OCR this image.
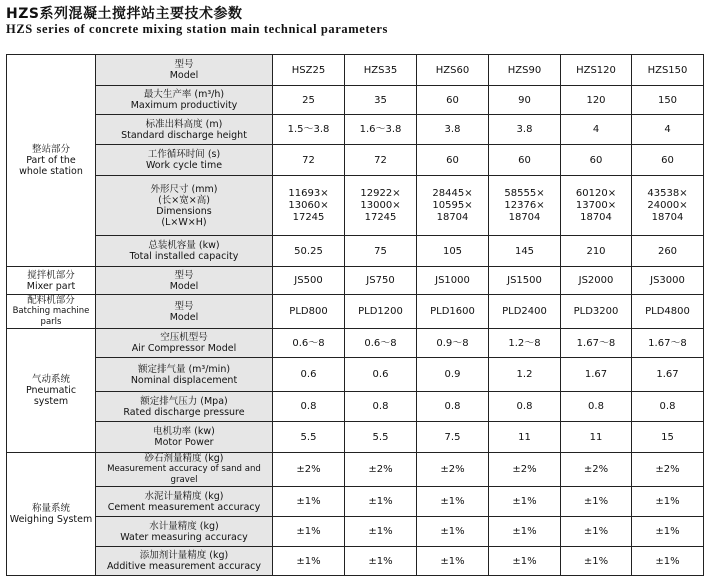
HZS系列混凝土搅拌站主要技术参数
HZS series of concrete mixing station main technical parameters
整站部分
Part of the
whole station	型号
Model	HSZ25	HZS35	HZS60	HZS90	HZS120	HZS150

	最大生产率 (m³/h)
Maximum productivity	25	35	60	90	120	150

	标准出料高度 (m)
Standard discharge height	1.5～3.8	1.6～3.8	3.8	3.8	4	4

	工作循环时间 (s)
Work cycle time	72	72	60	60	60	60

	外形尺寸 (mm)
(长×宽×高)
Dimensions
(L×W×H)	11693×
13060×
17245	12922×
13000×
17245	28445×
10595×
18704	58555×
12376×
18704	60120×
13700×
18704	43538×
24000×
18704

	总装机容量 (kw)
Total installed capacity	50.25	75	105	145	210	260

搅拌机部分
Mixer part	型号
Model	JS500	JS750	JS1000	JS1500	JS2000	JS3000

配料机部分
Batching machine parls	型号
Model	PLD800	PLD1200	PLD1600	PLD2400	PLD3200	PLD4800

气动系统
Pneumatic system	空压机型号
Air Compressor Model	0.6～8	0.6～8	0.9～8	1.2～8	1.67～8	1.67～8

	额定排气量 (m³/min)
Nominal displacement	0.6	0.6	0.9	1.2	1.67	1.67

	额定排气压力 (Mpa)
Rated discharge pressure	0.8	0.8	0.8	0.8	0.8	0.8

	电机功率 (kw)
Motor Power	5.5	5.5	7.5	11	11	15

称量系统
Weighing System	砂石剂量精度 (kg)
Measurement accuracy of sand and gravel	±2%	±2%	±2%	±2%	±2%	±2%

	水泥计量精度 (kg)
Cement measurement accuracy	±1%	±1%	±1%	±1%	±1%	±1%

	水计量精度 (kg)
Water measuring accuracy	±1%	±1%	±1%	±1%	±1%	±1%

	添加剂计量精度 (kg)
Additive measurement accuracy	±1%	±1%	±1%	±1%	±1%	±1%
